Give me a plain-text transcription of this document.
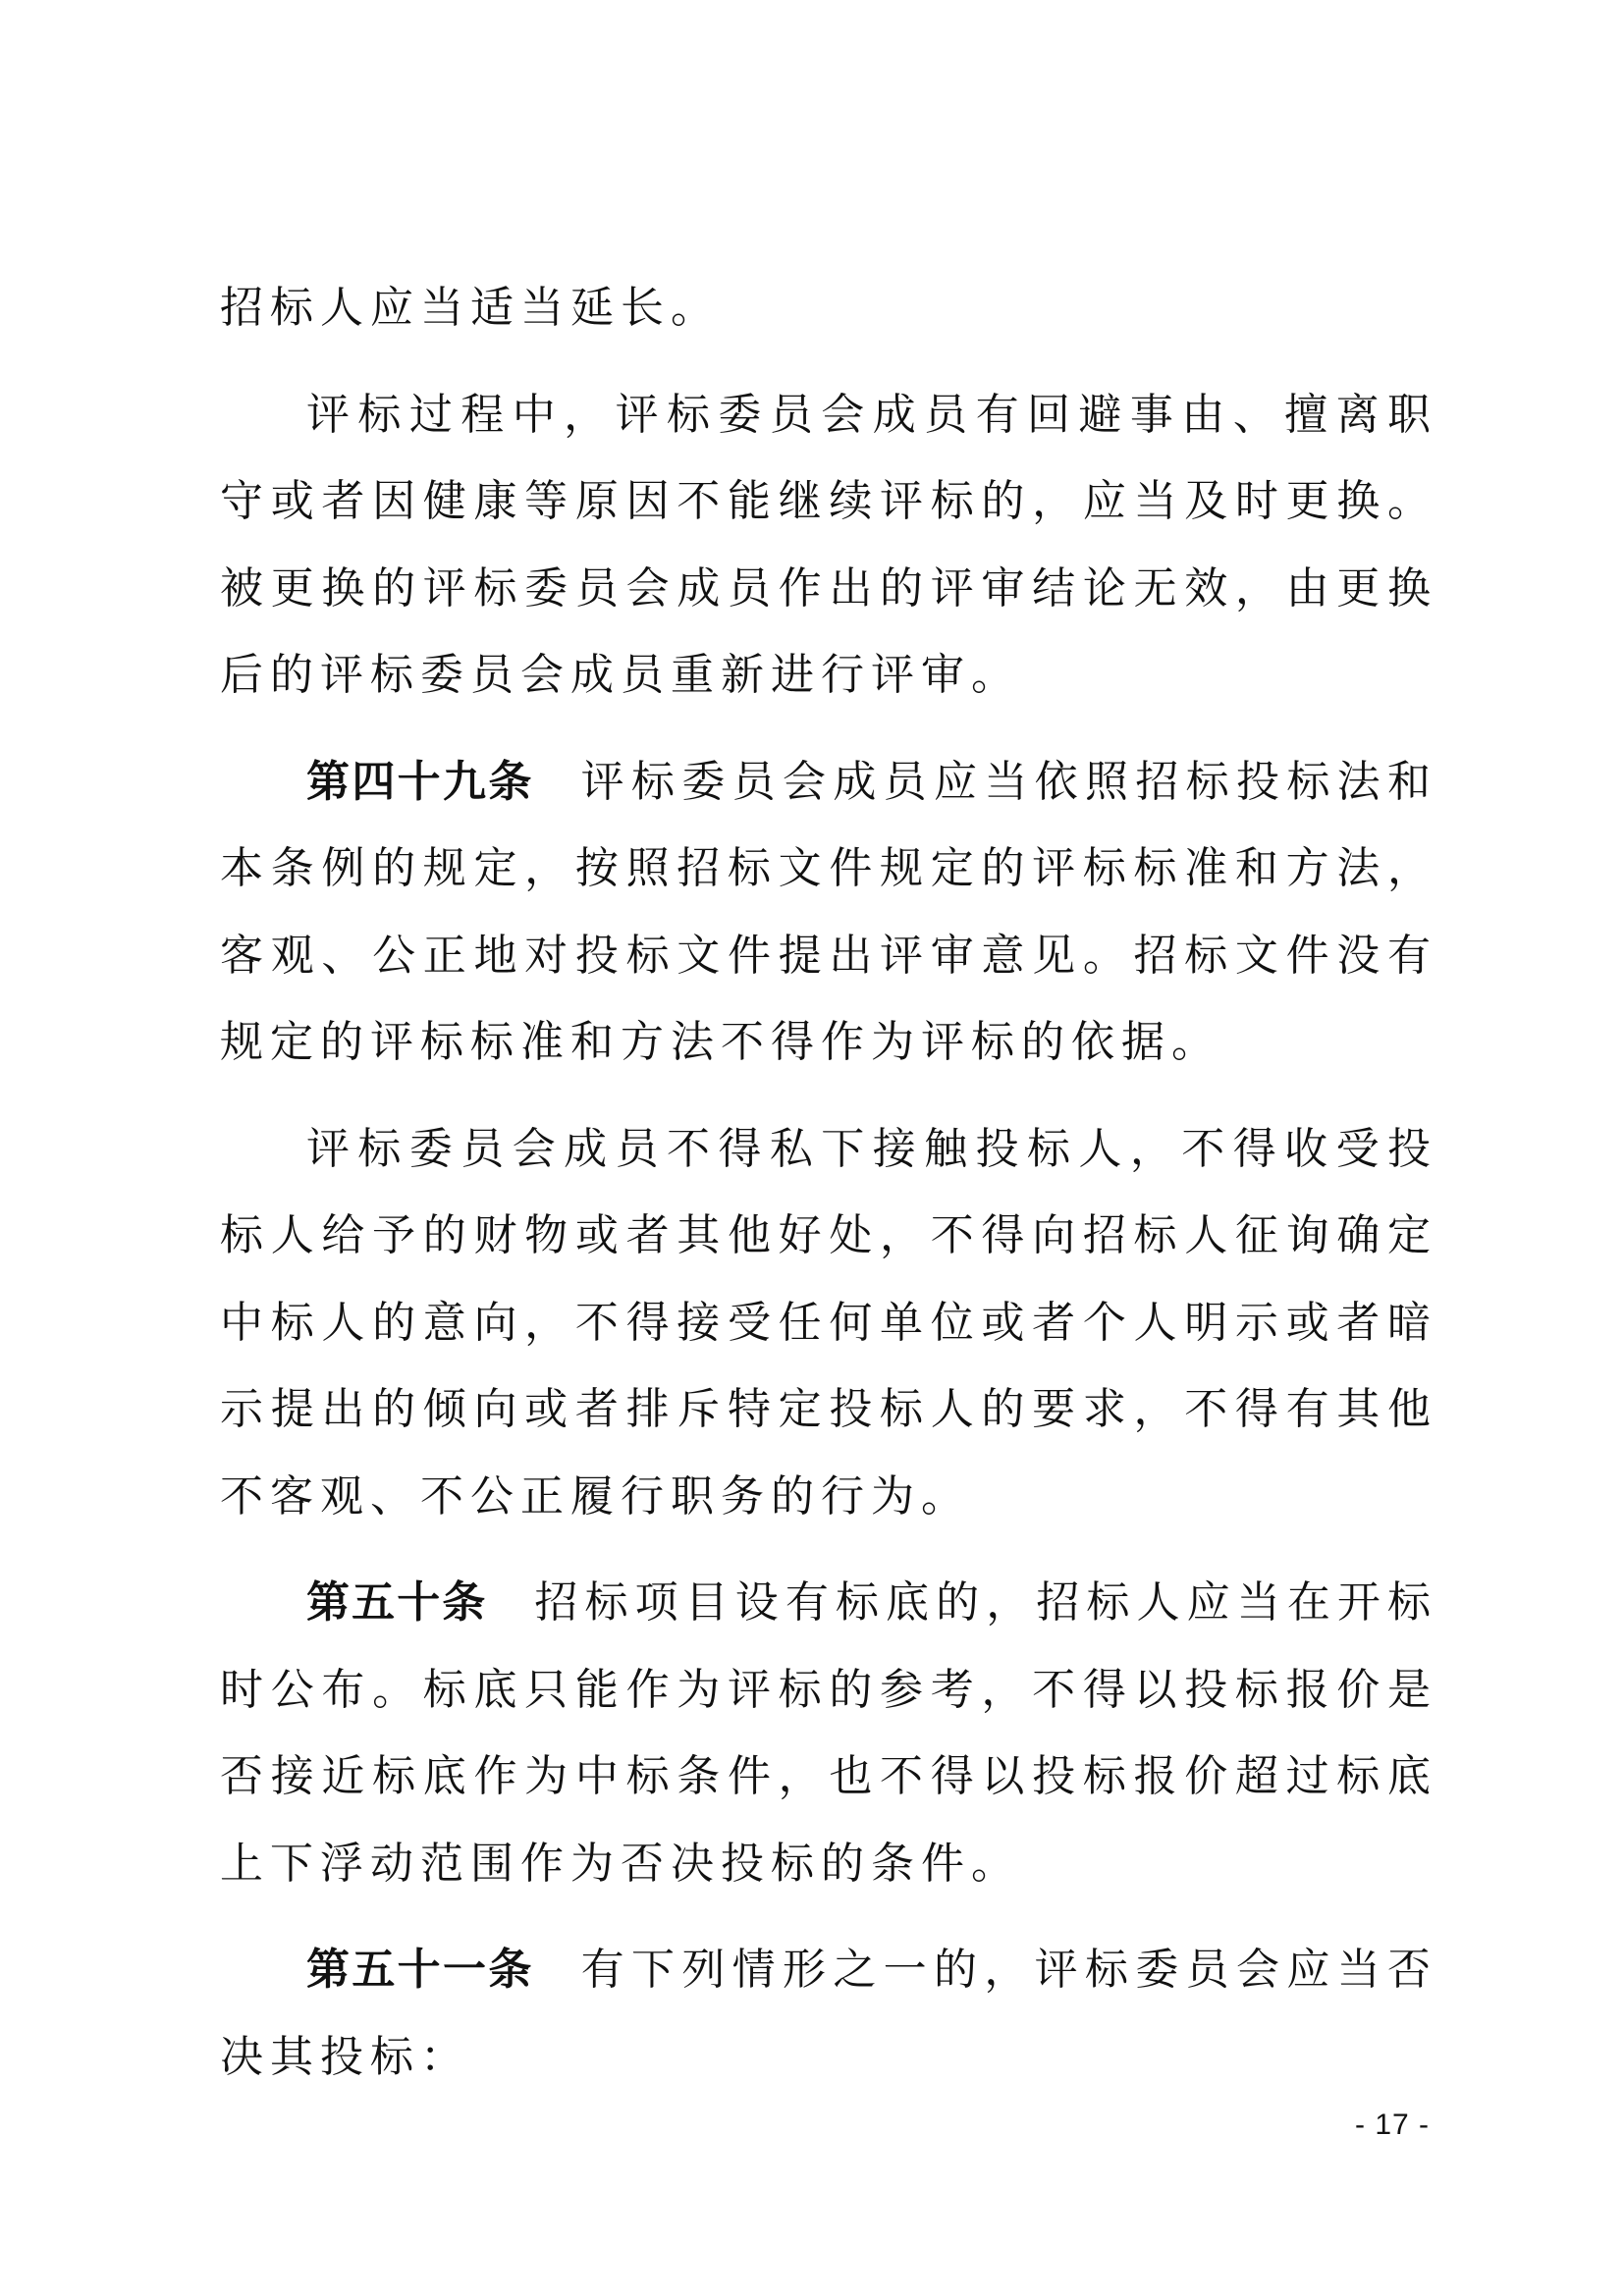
招标人应当适当延长。

评标过程中，评标委员会成员有回避事由、擅离职守或者因健康等原因不能继续评标的，应当及时更换。被更换的评标委员会成员作出的评审结论无效，由更换后的评标委员会成员重新进行评审。

第四十九条 评标委员会成员应当依照招标投标法和本条例的规定，按照招标文件规定的评标标准和方法，客观、公正地对投标文件提出评审意见。招标文件没有规定的评标标准和方法不得作为评标的依据。

评标委员会成员不得私下接触投标人，不得收受投标人给予的财物或者其他好处，不得向招标人征询确定中标人的意向，不得接受任何单位或者个人明示或者暗示提出的倾向或者排斥特定投标人的要求，不得有其他不客观、不公正履行职务的行为。

第五十条 招标项目设有标底的，招标人应当在开标时公布。标底只能作为评标的参考，不得以投标报价是否接近标底作为中标条件，也不得以投标报价超过标底上下浮动范围作为否决投标的条件。

第五十一条 有下列情形之一的，评标委员会应当否决其投标：

- 17 -
